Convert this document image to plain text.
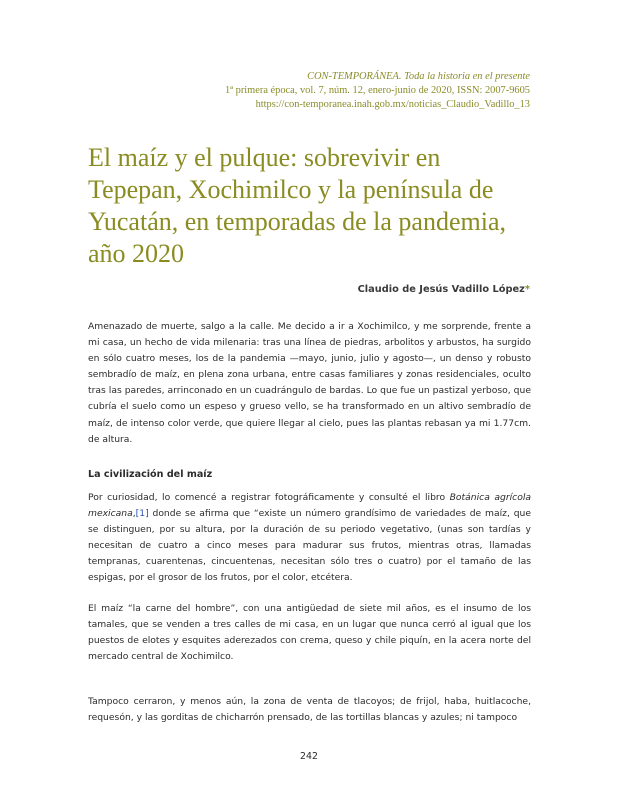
CON-TEMPORÁNEA. Toda la historia en el presente
1ª primera época, vol. 7, núm. 12, enero-junio de 2020, ISSN: 2007-9605
https://con-temporanea.inah.gob.mx/noticias_Claudio_Vadillo_13
El maíz y el pulque: sobrevivir en Tepepan, Xochimilco y la península de Yucatán, en temporadas de la pandemia, año 2020
Claudio de Jesús Vadillo López*

Amenazado de muerte, salgo a la calle. Me decido a ir a Xochimilco, y me sorprende, frente a mi casa, un hecho de vida milenaria: tras una línea de piedras, arbolitos y arbustos, ha surgido en sólo cuatro meses, los de la pandemia —mayo, junio, julio y agosto—, un denso y robusto sembradío de maíz, en plena zona urbana, entre casas familiares y zonas residenciales, oculto tras las paredes, arrinconado en un cuadrángulo de bardas. Lo que fue un pastizal yerboso, que cubría el suelo como un espeso y grueso vello, se ha transformado en un altivo sembradío de maíz, de intenso color verde, que quiere llegar al cielo, pues las plantas rebasan ya mi 1.77cm. de altura.

La civilización del maíz

Por curiosidad, lo comencé a registrar fotográficamente y consulté el libro Botánica agrícola mexicana,[1] donde se afirma que “existe un número grandísimo de variedades de maíz, que se distinguen, por su altura, por la duración de su periodo vegetativo, (unas son tardías y necesitan de cuatro a cinco meses para madurar sus frutos, mientras otras, llamadas tempranas, cuarentenas, cincuentenas, necesitan sólo tres o cuatro) por el tamaño de las espigas, por el grosor de los frutos, por el color, etcétera.

El maíz “la carne del hombre”, con una antigüedad de siete mil años, es el insumo de los tamales, que se venden a tres calles de mi casa, en un lugar que nunca cerró al igual que los puestos de elotes y esquites aderezados con crema, queso y chile piquín, en la acera norte del mercado central de Xochimilco.

Tampoco cerraron, y menos aún, la zona de venta de tlacoyos; de frijol, haba, huitlacoche, requesón, y las gorditas de chicharrón prensado, de las tortillas blancas y azules; ni tampoco

242
